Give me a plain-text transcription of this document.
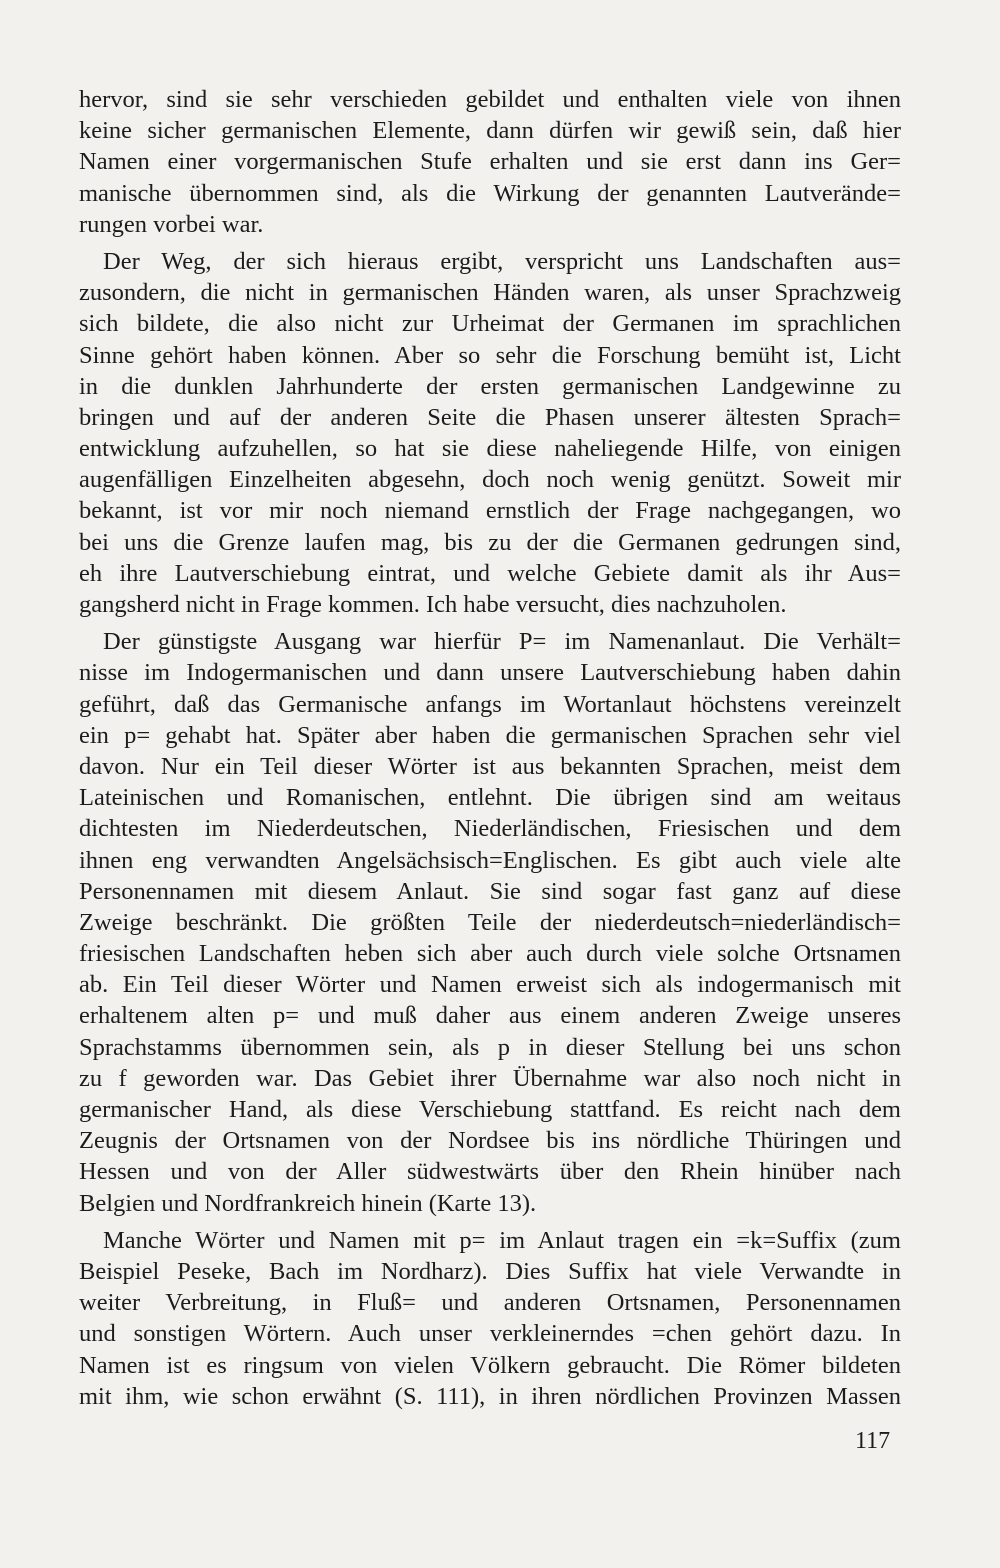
hervor, sind sie sehr verschieden gebildet und enthalten viele von ihnen
keine sicher germanischen Elemente, dann dürfen wir gewiß sein, daß hier
Namen einer vorgermanischen Stufe erhalten und sie erst dann ins Ger=
manische übernommen sind, als die Wirkung der genannten Lautverände=
rungen vorbei war.
Der Weg, der sich hieraus ergibt, verspricht uns Landschaften aus=
zusondern, die nicht in germanischen Händen waren, als unser Sprachzweig
sich bildete, die also nicht zur Urheimat der Germanen im sprachlichen
Sinne gehört haben können. Aber so sehr die Forschung bemüht ist, Licht
in die dunklen Jahrhunderte der ersten germanischen Landgewinne zu
bringen und auf der anderen Seite die Phasen unserer ältesten Sprach=
entwicklung aufzuhellen, so hat sie diese naheliegende Hilfe, von einigen
augenfälligen Einzelheiten abgesehn, doch noch wenig genützt. Soweit mir
bekannt, ist vor mir noch niemand ernstlich der Frage nachgegangen, wo
bei uns die Grenze laufen mag, bis zu der die Germanen gedrungen sind,
eh ihre Lautverschiebung eintrat, und welche Gebiete damit als ihr Aus=
gangsherd nicht in Frage kommen. Ich habe versucht, dies nachzuholen.
Der günstigste Ausgang war hierfür P= im Namenanlaut. Die Verhält=
nisse im Indogermanischen und dann unsere Lautverschiebung haben dahin
geführt, daß das Germanische anfangs im Wortanlaut höchstens vereinzelt
ein p= gehabt hat. Später aber haben die germanischen Sprachen sehr viel
davon. Nur ein Teil dieser Wörter ist aus bekannten Sprachen, meist dem
Lateinischen und Romanischen, entlehnt. Die übrigen sind am weitaus
dichtesten im Niederdeutschen, Niederländischen, Friesischen und dem
ihnen eng verwandten Angelsächsisch=Englischen. Es gibt auch viele alte
Personennamen mit diesem Anlaut. Sie sind sogar fast ganz auf diese
Zweige beschränkt. Die größten Teile der niederdeutsch=niederländisch=
friesischen Landschaften heben sich aber auch durch viele solche Ortsnamen
ab. Ein Teil dieser Wörter und Namen erweist sich als indogermanisch mit
erhaltenem alten p= und muß daher aus einem anderen Zweige unseres
Sprachstamms übernommen sein, als p in dieser Stellung bei uns schon
zu f geworden war. Das Gebiet ihrer Übernahme war also noch nicht in
germanischer Hand, als diese Verschiebung stattfand. Es reicht nach dem
Zeugnis der Ortsnamen von der Nordsee bis ins nördliche Thüringen und
Hessen und von der Aller südwestwärts über den Rhein hinüber nach
Belgien und Nordfrankreich hinein (Karte 13).
Manche Wörter und Namen mit p= im Anlaut tragen ein =k=Suffix (zum
Beispiel Peseke, Bach im Nordharz). Dies Suffix hat viele Verwandte in
weiter Verbreitung, in Fluß= und anderen Ortsnamen, Personennamen
und sonstigen Wörtern. Auch unser verkleinerndes =chen gehört dazu. In
Namen ist es ringsum von vielen Völkern gebraucht. Die Römer bildeten
mit ihm, wie schon erwähnt (S. 111), in ihren nördlichen Provinzen Massen
117
